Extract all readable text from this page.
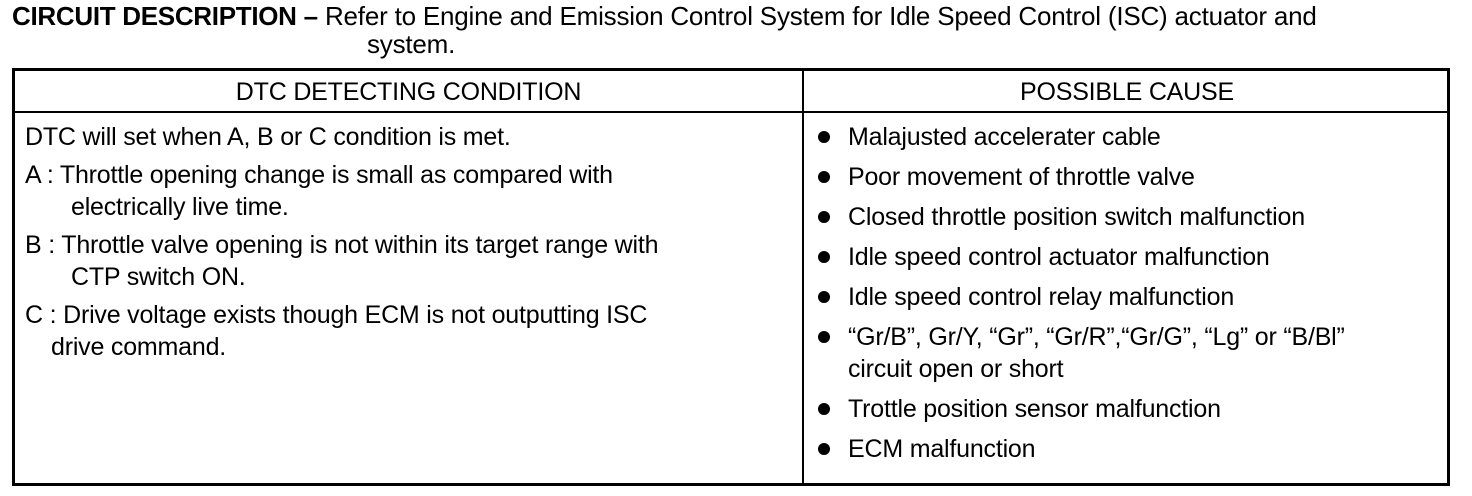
CIRCUIT DESCRIPTION – Refer to Engine and Emission Control System for Idle Speed Control (ISC) actuator and
system.
DTC DETECTING CONDITION	POSSIBLE CAUSE
DTC will set when A, B or C condition is met.
A : Throttle opening change is small as compared with
electrically live time.
B : Throttle valve opening is not within its target range with
CTP switch ON.
C : Drive voltage exists though ECM is not outputting ISC
drive command.
Malajusted accelerater cable
Poor movement of throttle valve
Closed throttle position switch malfunction
Idle speed control actuator malfunction
Idle speed control relay malfunction
“Gr/B”, Gr/Y, “Gr”, “Gr/R”,“Gr/G”, “Lg” or “B/Bl”
circuit open or short
Trottle position sensor malfunction
ECM malfunction
